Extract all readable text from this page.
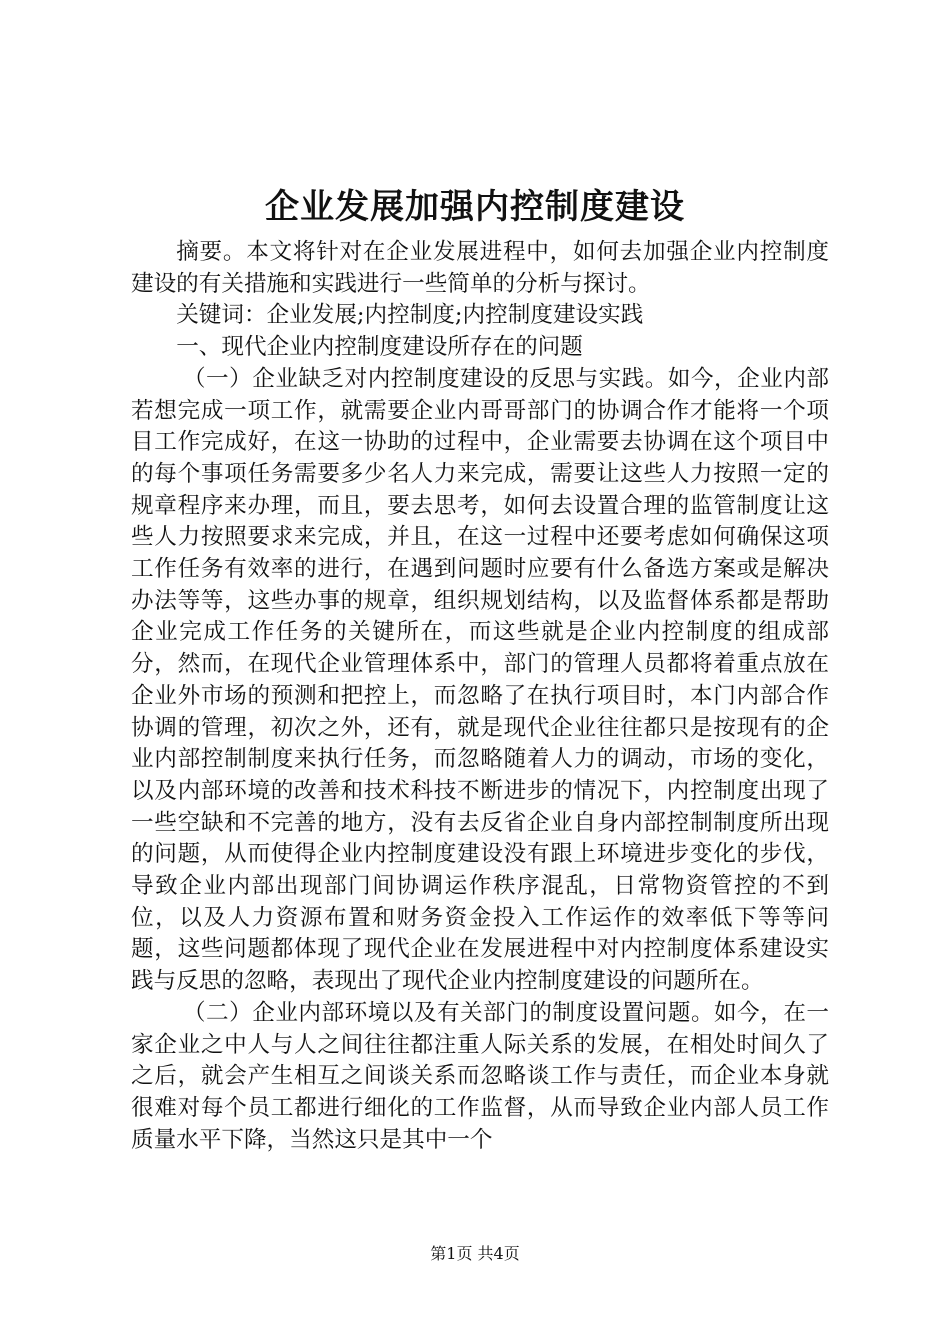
企业发展加强内控制度建设

摘要。本文将针对在企业发展进程中，如何去加强企业内控制度建设的有关措施和实践进行一些简单的分析与探讨。

关键词：企业发展;内控制度;内控制度建设实践

一、现代企业内控制度建设所存在的问题

（一）企业缺乏对内控制度建设的反思与实践。如今，企业内部若想完成一项工作，就需要企业内哥哥部门的协调合作才能将一个项目工作完成好，在这一协助的过程中，企业需要去协调在这个项目中的每个事项任务需要多少名人力来完成，需要让这些人力按照一定的规章程序来办理，而且，要去思考，如何去设置合理的监管制度让这些人力按照要求来完成，并且，在这一过程中还要考虑如何确保这项工作任务有效率的进行，在遇到问题时应要有什么备选方案或是解决办法等等，这些办事的规章，组织规划结构，以及监督体系都是帮助企业完成工作任务的关键所在，而这些就是企业内控制度的组成部分，然而，在现代企业管理体系中，部门的管理人员都将着重点放在企业外市场的预测和把控上，而忽略了在执行项目时，本门内部合作协调的管理，初次之外，还有，就是现代企业往往都只是按现有的企业内部控制制度来执行任务，而忽略随着人力的调动，市场的变化，以及内部环境的改善和技术科技不断进步的情况下，内控制度出现了一些空缺和不完善的地方，没有去反省企业自身内部控制制度所出现的问题，从而使得企业内控制度建设没有跟上环境进步变化的步伐，导致企业内部出现部门间协调运作秩序混乱，日常物资管控的不到位，以及人力资源布置和财务资金投入工作运作的效率低下等等问题，这些问题都体现了现代企业在发展进程中对内控制度体系建设实践与反思的忽略，表现出了现代企业内控制度建设的问题所在。

（二）企业内部环境以及有关部门的制度设置问题。如今，在一家企业之中人与人之间往往都注重人际关系的发展，在相处时间久了之后，就会产生相互之间谈关系而忽略谈工作与责任，而企业本身就很难对每个员工都进行细化的工作监督，从而导致企业内部人员工作质量水平下降，当然这只是其中一个

第1页 共4页
